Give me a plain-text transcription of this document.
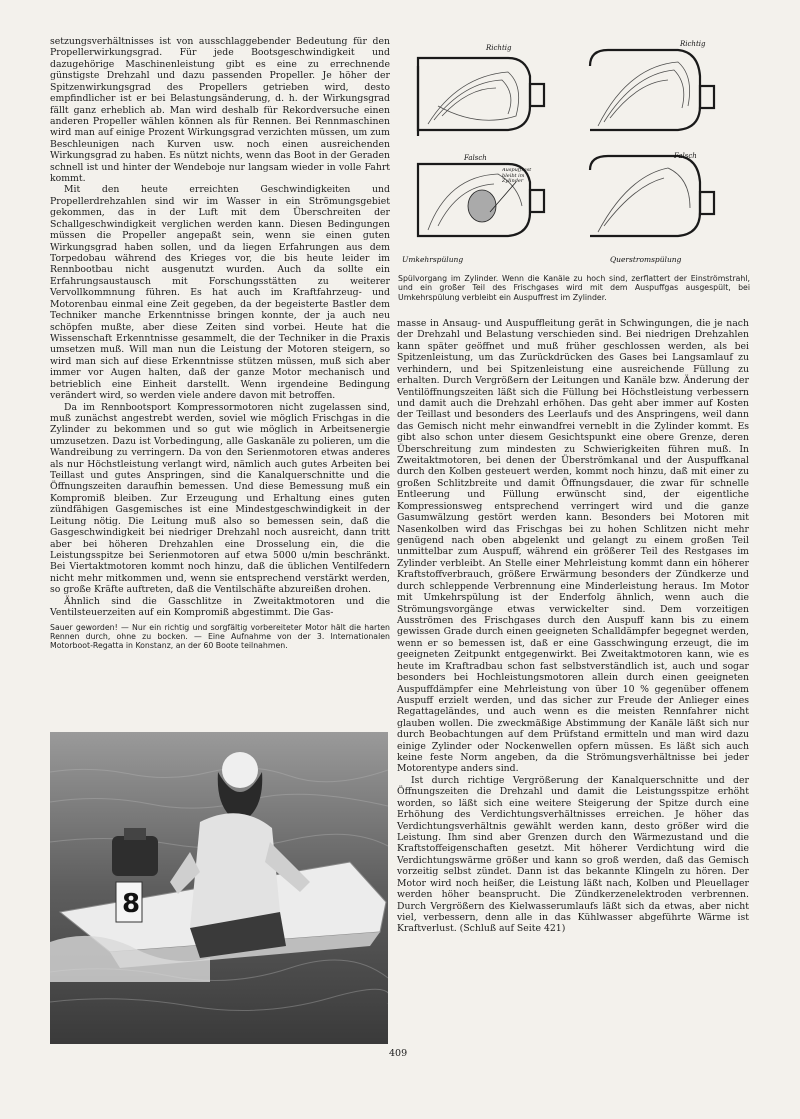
setzungsverhältnisses ist von ausschlaggebender Bedeutung für den Propellerwirkungsgrad. Für jede Bootsgeschwindigkeit und dazugehörige Maschinenleistung gibt es eine zu errechnende günstigste Drehzahl und dazu passenden Propeller. Je höher der Spitzenwirkungsgrad des Propellers getrieben wird, desto empfindlicher ist er bei Belastungsänderung, d. h. der Wirkungsgrad fällt ganz erheblich ab. Man wird deshalb für Rekordversuche einen anderen Propeller wählen können als für Rennen. Bei Rennmaschinen wird man auf einige Prozent Wirkungsgrad verzichten müssen, um zum Beschleunigen nach Kurven usw. noch einen ausreichenden Wirkungsgrad zu haben. Es nützt nichts, wenn das Boot in der Geraden schnell ist und hinter der Wendeboje nur langsam wieder in volle Fahrt kommt.

Mit den heute erreichten Geschwindigkeiten und Propellerdrehzahlen sind wir im Wasser in ein Strömungsgebiet gekommen, das in der Luft mit dem Überschreiten der Schallgeschwindigkeit verglichen werden kann. Diesen Bedingungen müssen die Propeller angepaßt sein, wenn sie einen guten Wirkungsgrad haben sollen, und da liegen Erfahrungen aus dem Torpedobau während des Krieges vor, die bis heute leider im Rennbootbau nicht ausgenutzt wurden. Auch da sollte ein Erfahrungsaustausch mit Forschungsstätten zu weiterer Vervollkommnung führen. Es hat auch im Kraftfahrzeug- und Motorenbau einmal eine Zeit gegeben, da der begeisterte Bastler dem Techniker manche Erkenntnisse bringen konnte, der ja auch neu schöpfen mußte, aber diese Zeiten sind vorbei. Heute hat die Wissenschaft Erkenntnisse gesammelt, die der Techniker in die Praxis umsetzen muß. Will man nun die Leistung der Motoren steigern, so wird man sich auf diese Erkenntnisse stützen müssen, muß sich aber immer vor Augen halten, daß der ganze Motor mechanisch und betrieblich eine Einheit darstellt. Wenn irgendeine Bedingung verändert wird, so werden viele andere davon mit betroffen.

Da im Rennbootsport Kompressormotoren nicht zugelassen sind, muß zunächst angestrebt werden, soviel wie möglich Frischgas in die Zylinder zu bekommen und so gut wie möglich in Arbeitsenergie umzusetzen. Dazu ist Vorbedingung, alle Gaskanäle zu polieren, um die Wandreibung zu verringern. Da von den Serienmotoren etwas anderes als nur Höchstleistung verlangt wird, nämlich auch gutes Arbeiten bei Teillast und gutes Anspringen, sind die Kanalquerschnitte und die Öffnungszeiten daraufhin bemessen. Und diese Bemessung muß ein Kompromiß bleiben. Zur Erzeugung und Erhaltung eines guten zündfähigen Gasgemisches ist eine Mindestgeschwindigkeit in der Leitung nötig. Die Leitung muß also so bemessen sein, daß die Gasgeschwindigkeit bei niedriger Drehzahl noch ausreicht, dann tritt aber bei höheren Drehzahlen eine Drosselung ein, die die Leistungsspitze bei Serienmotoren auf etwa 5000 u/min beschränkt. Bei Viertaktmotoren kommt noch hinzu, daß die üblichen Ventilfedern nicht mehr mitkommen und, wenn sie entsprechend verstärkt werden, so große Kräfte auftreten, daß die Ventilschäfte abzureißen drohen.

Ähnlich sind die Gasschlitze in Zweitaktmotoren und die Ventilsteuerzeiten auf ein Kompromiß abgestimmt. Die Gas-

Sauer geworden! — Nur ein richtig und sorgfältig vorbereiteter Motor hält die harten Rennen durch, ohne zu bocken. — Eine Aufnahme von der 3. Internationalen Motorboot-Regatta in Konstanz, an der 60 Boote teilnahmen.

8
Richtig	Richtig
Falsch	Falsch
Umkehrspülung	Querstromspülung
Auspuffrest bleibt im Zylinder

Spülvorgang im Zylinder. Wenn die Kanäle zu hoch sind, zerflattert der Einströmstrahl, und ein großer Teil des Frischgases wird mit dem Auspuffgas ausgespült, bei Umkehrspülung verbleibt ein Auspuffrest im Zylinder.

masse in Ansaug- und Auspuffleitung gerät in Schwingungen, die je nach der Drehzahl und Belastung verschieden sind. Bei niedrigen Drehzahlen kann später geöffnet und muß früher geschlossen werden, als bei Spitzenleistung, um das Zurückdrücken des Gases bei Langsamlauf zu verhindern, und bei Spitzenleistung eine ausreichende Füllung zu erhalten. Durch Vergrößern der Leitungen und Kanäle bzw. Änderung der Ventilöffnungszeiten läßt sich die Füllung bei Höchstleistung verbessern und damit auch die Drehzahl erhöhen. Das geht aber immer auf Kosten der Teillast und besonders des Leerlaufs und des Anspringens, weil dann das Gemisch nicht mehr einwandfrei verneblt in die Zylinder kommt. Es gibt also schon unter diesem Gesichtspunkt eine obere Grenze, deren Überschreitung zum mindesten zu Schwierigkeiten führen muß. In Zweitaktmotoren, bei denen der Überströmkanal und der Auspuffkanal durch den Kolben gesteuert werden, kommt noch hinzu, daß mit einer zu großen Schlitzbreite und damit Öffnungsdauer, die zwar für schnelle Entleerung und Füllung erwünscht sind, der eigentliche Kompressionsweg entsprechend verringert wird und die ganze Gasumwälzung gestört werden kann. Besonders bei Motoren mit Nasenkolben wird das Frischgas bei zu hohen Schlitzen nicht mehr genügend nach oben abgelenkt und gelangt zu einem großen Teil unmittelbar zum Auspuff, während ein größerer Teil des Restgases im Zylinder verbleibt. An Stelle einer Mehrleistung kommt dann ein höherer Kraftstoffverbrauch, größere Erwärmung besonders der Zündkerze und durch schleppende Verbrennung eine Minderleistung heraus. Im Motor mit Umkehrspülung ist der Enderfolg ähnlich, wenn auch die Strömungsvorgänge etwas verwickelter sind. Dem vorzeitigen Ausströmen des Frischgases durch den Auspuff kann bis zu einem gewissen Grade durch einen geeigneten Schalldämpfer begegnet werden, wenn er so bemessen ist, daß er eine Gasschwingung erzeugt, die im geeigneten Zeitpunkt entgegenwirkt. Bei Zweitaktmotoren kann, wie es heute im Kraftradbau schon fast selbstverständlich ist, auch und sogar besonders bei Hochleistungsmotoren allein durch einen geeigneten Auspuffdämpfer eine Mehrleistung von über 10 % gegenüber offenem Auspuff erzielt werden, und das sicher zur Freude der Anlieger eines Regattageländes, und auch wenn es die meisten Rennfahrer nicht glauben wollen. Die zweckmäßige Abstimmung der Kanäle läßt sich nur durch Beobachtungen auf dem Prüfstand ermitteln und man wird dazu einige Zylinder oder Nockenwellen opfern müssen. Es läßt sich auch keine feste Norm angeben, da die Strömungsverhältnisse bei jeder Motorentype anders sind.

Ist durch richtige Vergrößerung der Kanalquerschnitte und der Öffnungszeiten die Drehzahl und damit die Leistungsspitze erhöht worden, so läßt sich eine weitere Steigerung der Spitze durch eine Erhöhung des Verdichtungsverhältnisses erreichen. Je höher das Verdichtungsverhältnis gewählt werden kann, desto größer wird die Leistung. Ihm sind aber Grenzen durch den Wärmezustand und die Kraftstoffeigenschaften gesetzt. Mit höherer Verdichtung wird die Verdichtungswärme größer und kann so groß werden, daß das Gemisch vorzeitig selbst zündet. Dann ist das bekannte Klingeln zu hören. Der Motor wird noch heißer, die Leistung läßt nach, Kolben und Pleuellager werden höher beansprucht. Die Zündkerzenelektroden verbrennen. Durch Vergrößern des Kielwasserumlaufs läßt sich da etwas, aber nicht viel, verbessern, denn alle in das Kühlwasser abgeführte Wärme ist Kraftverlust. (Schluß auf Seite 421)

409
